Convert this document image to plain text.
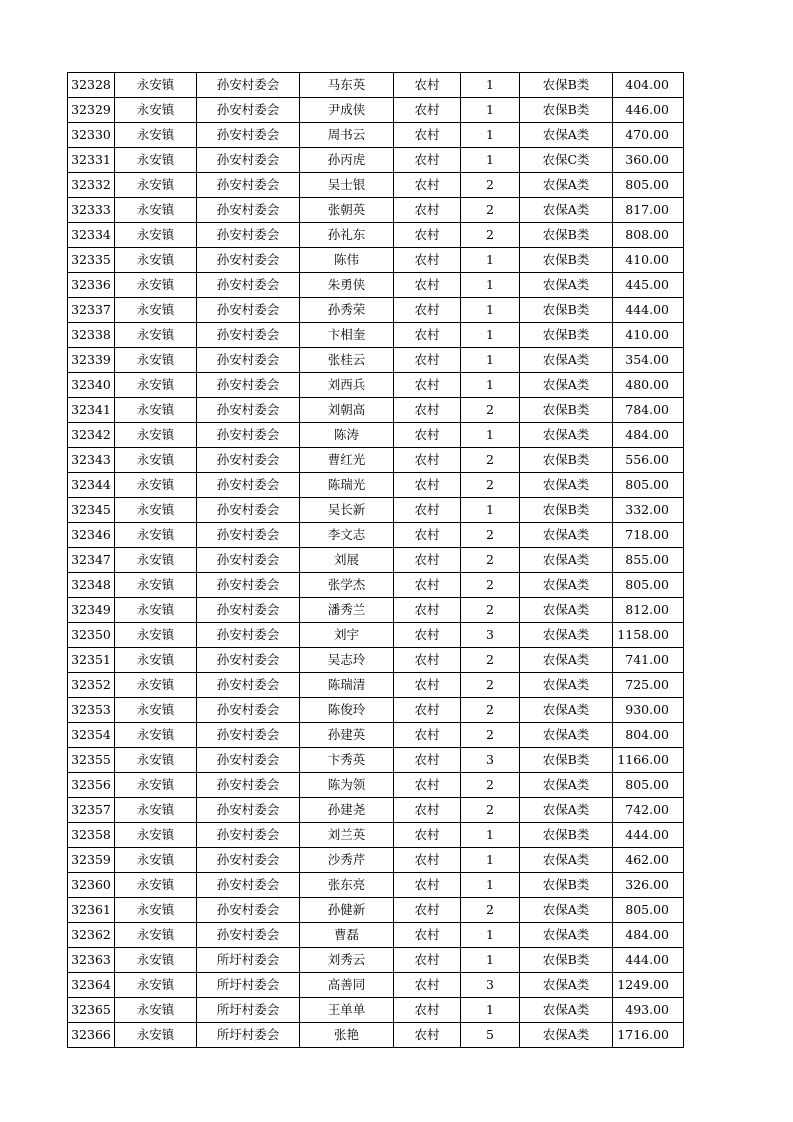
32328	永安镇	孙安村委会	马东英	农村	1	农保B类	404.00
32329	永安镇	孙安村委会	尹成侠	农村	1	农保B类	446.00
32330	永安镇	孙安村委会	周书云	农村	1	农保A类	470.00
32331	永安镇	孙安村委会	孙丙虎	农村	1	农保C类	360.00
32332	永安镇	孙安村委会	吴士银	农村	2	农保A类	805.00
32333	永安镇	孙安村委会	张朝英	农村	2	农保A类	817.00
32334	永安镇	孙安村委会	孙礼东	农村	2	农保B类	808.00
32335	永安镇	孙安村委会	陈伟	农村	1	农保B类	410.00
32336	永安镇	孙安村委会	朱勇侠	农村	1	农保A类	445.00
32337	永安镇	孙安村委会	孙秀荣	农村	1	农保B类	444.00
32338	永安镇	孙安村委会	卞相奎	农村	1	农保B类	410.00
32339	永安镇	孙安村委会	张桂云	农村	1	农保A类	354.00
32340	永安镇	孙安村委会	刘西兵	农村	1	农保A类	480.00
32341	永安镇	孙安村委会	刘朝高	农村	2	农保B类	784.00
32342	永安镇	孙安村委会	陈涛	农村	1	农保A类	484.00
32343	永安镇	孙安村委会	曹红光	农村	2	农保B类	556.00
32344	永安镇	孙安村委会	陈瑞光	农村	2	农保A类	805.00
32345	永安镇	孙安村委会	吴长新	农村	1	农保B类	332.00
32346	永安镇	孙安村委会	李文志	农村	2	农保A类	718.00
32347	永安镇	孙安村委会	刘展	农村	2	农保A类	855.00
32348	永安镇	孙安村委会	张学杰	农村	2	农保A类	805.00
32349	永安镇	孙安村委会	潘秀兰	农村	2	农保A类	812.00
32350	永安镇	孙安村委会	刘宇	农村	3	农保A类	1158.00
32351	永安镇	孙安村委会	吴志玲	农村	2	农保A类	741.00
32352	永安镇	孙安村委会	陈瑞清	农村	2	农保A类	725.00
32353	永安镇	孙安村委会	陈俊玲	农村	2	农保A类	930.00
32354	永安镇	孙安村委会	孙建英	农村	2	农保A类	804.00
32355	永安镇	孙安村委会	卞秀英	农村	3	农保B类	1166.00
32356	永安镇	孙安村委会	陈为领	农村	2	农保A类	805.00
32357	永安镇	孙安村委会	孙建尧	农村	2	农保A类	742.00
32358	永安镇	孙安村委会	刘兰英	农村	1	农保B类	444.00
32359	永安镇	孙安村委会	沙秀芹	农村	1	农保A类	462.00
32360	永安镇	孙安村委会	张东亮	农村	1	农保B类	326.00
32361	永安镇	孙安村委会	孙健新	农村	2	农保A类	805.00
32362	永安镇	孙安村委会	曹磊	农村	1	农保A类	484.00
32363	永安镇	所圩村委会	刘秀云	农村	1	农保B类	444.00
32364	永安镇	所圩村委会	高善同	农村	3	农保A类	1249.00
32365	永安镇	所圩村委会	王单单	农村	1	农保A类	493.00
32366	永安镇	所圩村委会	张艳	农村	5	农保A类	1716.00
